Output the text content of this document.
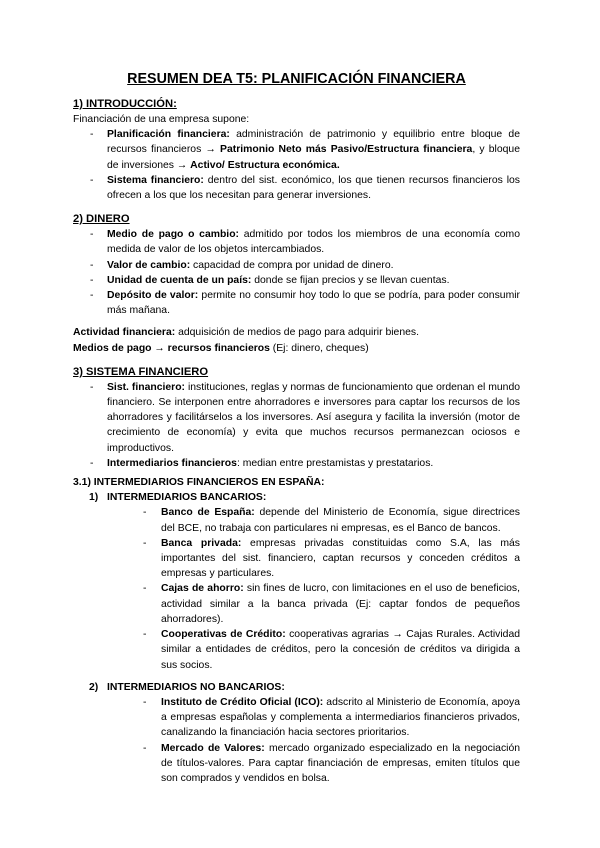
RESUMEN DEA T5: PLANIFICACIÓN FINANCIERA
1) INTRODUCCIÓN:

Financiación de una empresa supone:

- Planificación financiera: administración de patrimonio y equilibrio entre bloque de recursos financieros → Patrimonio Neto más Pasivo/Estructura financiera, y bloque de inversiones → Activo/ Estructura económica.
- Sistema financiero: dentro del sist. económico, los que tienen recursos financieros los ofrecen a los que los necesitan para generar inversiones.
2) DINERO
- Medio de pago o cambio: admitido por todos los miembros de una economía como medida de valor de los objetos intercambiados.
- Valor de cambio: capacidad de compra por unidad de dinero.
- Unidad de cuenta de un país: donde se fijan precios y se llevan cuentas.
- Depósito de valor: permite no consumir hoy todo lo que se podría, para poder consumir más mañana.

Actividad financiera: adquisición de medios de pago para adquirir bienes.

Medios de pago → recursos financieros (Ej: dinero, cheques)

3) SISTEMA FINANCIERO
- Sist. financiero: instituciones, reglas y normas de funcionamiento que ordenan el mundo financiero. Se interponen entre ahorradores e inversores para captar los recursos de los ahorradores y facilitárselos a los inversores. Así asegura y facilita la inversión (motor de crecimiento de economía) y evita que muchos recursos permanezcan ociosos e improductivos.
- Intermediarios financieros: median entre prestamistas y prestatarios.

3.1) INTERMEDIARIOS FINANCIEROS EN ESPAÑA:

1) INTERMEDIARIOS BANCARIOS:
- Banco de España: depende del Ministerio de Economía, sigue directrices del BCE, no trabaja con particulares ni empresas, es el Banco de bancos.
- Banca privada: empresas privadas constituidas como S.A, las más importantes del sist. financiero, captan recursos y conceden créditos a empresas y particulares.
- Cajas de ahorro: sin fines de lucro, con limitaciones en el uso de beneficios, actividad similar a la banca privada (Ej: captar fondos de pequeños ahorradores).
- Cooperativas de Crédito: cooperativas agrarias → Cajas Rurales. Actividad similar a entidades de créditos, pero la concesión de créditos va dirigida a sus socios.
2) INTERMEDIARIOS NO BANCARIOS:
- Instituto de Crédito Oficial (ICO): adscrito al Ministerio de Economía, apoya a empresas españolas y complementa a intermediarios financieros privados, canalizando la financiación hacia sectores prioritarios.
- Mercado de Valores: mercado organizado especializado en la negociación de títulos-valores. Para captar financiación de empresas, emiten títulos que son comprados y vendidos en bolsa.
